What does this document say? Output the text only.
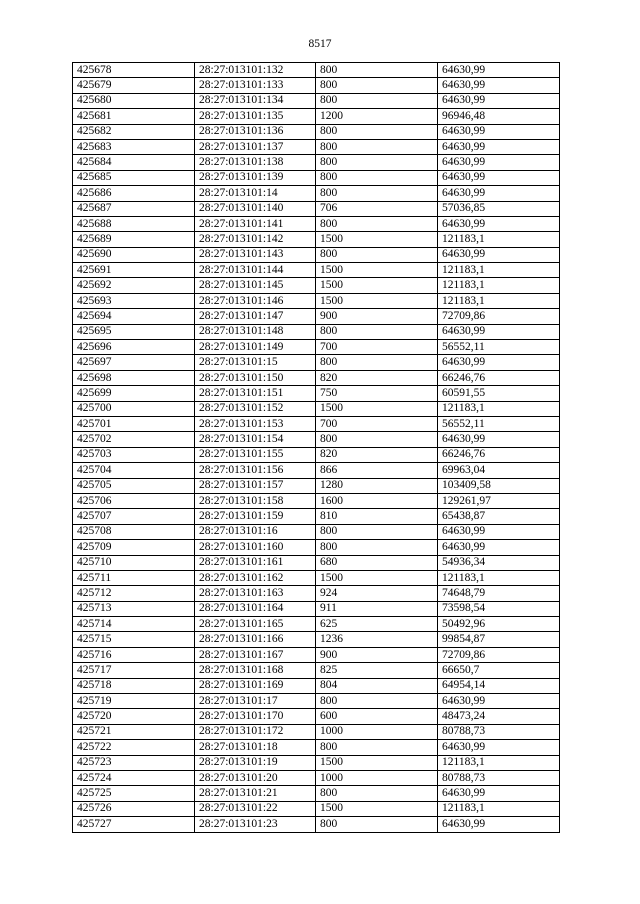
8517
425678	28:27:013101:132	800	64630,99
425679	28:27:013101:133	800	64630,99
425680	28:27:013101:134	800	64630,99
425681	28:27:013101:135	1200	96946,48
425682	28:27:013101:136	800	64630,99
425683	28:27:013101:137	800	64630,99
425684	28:27:013101:138	800	64630,99
425685	28:27:013101:139	800	64630,99
425686	28:27:013101:14	800	64630,99
425687	28:27:013101:140	706	57036,85
425688	28:27:013101:141	800	64630,99
425689	28:27:013101:142	1500	121183,1
425690	28:27:013101:143	800	64630,99
425691	28:27:013101:144	1500	121183,1
425692	28:27:013101:145	1500	121183,1
425693	28:27:013101:146	1500	121183,1
425694	28:27:013101:147	900	72709,86
425695	28:27:013101:148	800	64630,99
425696	28:27:013101:149	700	56552,11
425697	28:27:013101:15	800	64630,99
425698	28:27:013101:150	820	66246,76
425699	28:27:013101:151	750	60591,55
425700	28:27:013101:152	1500	121183,1
425701	28:27:013101:153	700	56552,11
425702	28:27:013101:154	800	64630,99
425703	28:27:013101:155	820	66246,76
425704	28:27:013101:156	866	69963,04
425705	28:27:013101:157	1280	103409,58
425706	28:27:013101:158	1600	129261,97
425707	28:27:013101:159	810	65438,87
425708	28:27:013101:16	800	64630,99
425709	28:27:013101:160	800	64630,99
425710	28:27:013101:161	680	54936,34
425711	28:27:013101:162	1500	121183,1
425712	28:27:013101:163	924	74648,79
425713	28:27:013101:164	911	73598,54
425714	28:27:013101:165	625	50492,96
425715	28:27:013101:166	1236	99854,87
425716	28:27:013101:167	900	72709,86
425717	28:27:013101:168	825	66650,7
425718	28:27:013101:169	804	64954,14
425719	28:27:013101:17	800	64630,99
425720	28:27:013101:170	600	48473,24
425721	28:27:013101:172	1000	80788,73
425722	28:27:013101:18	800	64630,99
425723	28:27:013101:19	1500	121183,1
425724	28:27:013101:20	1000	80788,73
425725	28:27:013101:21	800	64630,99
425726	28:27:013101:22	1500	121183,1
425727	28:27:013101:23	800	64630,99
